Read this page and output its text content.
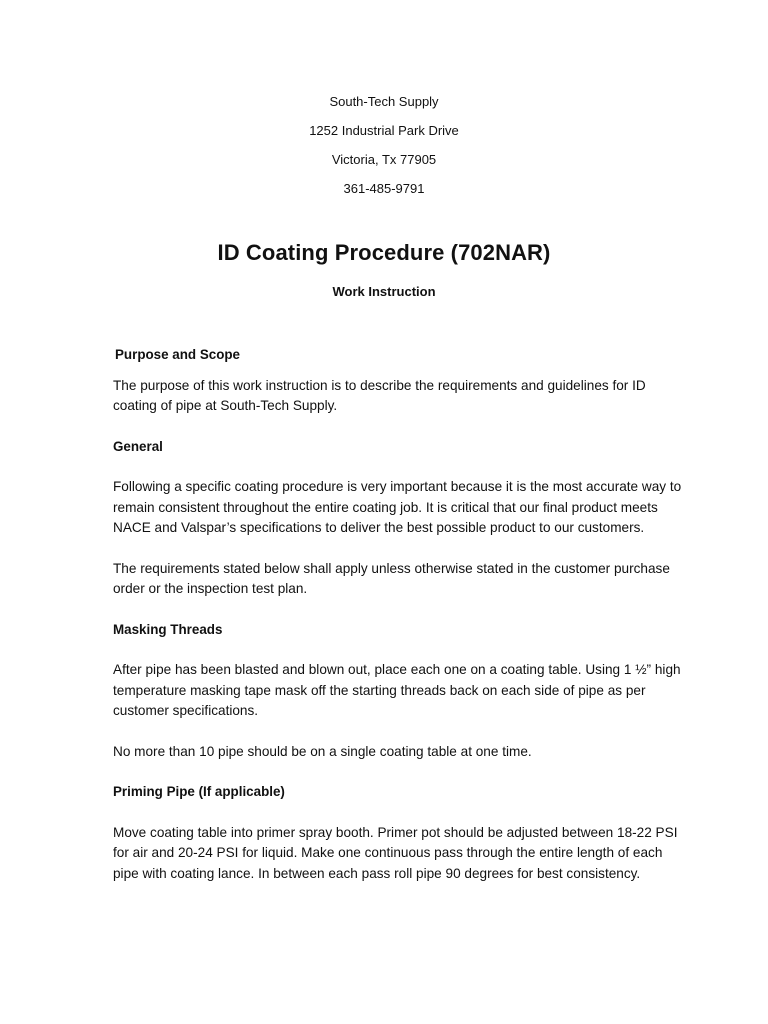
South-Tech Supply
1252 Industrial Park Drive
Victoria, Tx 77905
361-485-9791
ID Coating Procedure (702NAR)
Work Instruction

Purpose and Scope

The purpose of this work instruction is to describe the requirements and guidelines for ID coating of pipe at South-Tech Supply.

General

Following a specific coating procedure is very important because it is the most accurate way to remain consistent throughout the entire coating job. It is critical that our final product meets NACE and Valspar’s specifications to deliver the best possible product to our customers.

The requirements stated below shall apply unless otherwise stated in the customer purchase order or the inspection test plan.

Masking Threads

After pipe has been blasted and blown out, place each one on a coating table. Using 1 ½” high temperature masking tape mask off the starting threads back on each side of pipe as per customer specifications.

No more than 10 pipe should be on a single coating table at one time.

Priming Pipe (If applicable)

Move coating table into primer spray booth. Primer pot should be adjusted between 18-22 PSI for air and 20-24 PSI for liquid. Make one continuous pass through the entire length of each pipe with coating lance. In between each pass roll pipe 90 degrees for best consistency.
